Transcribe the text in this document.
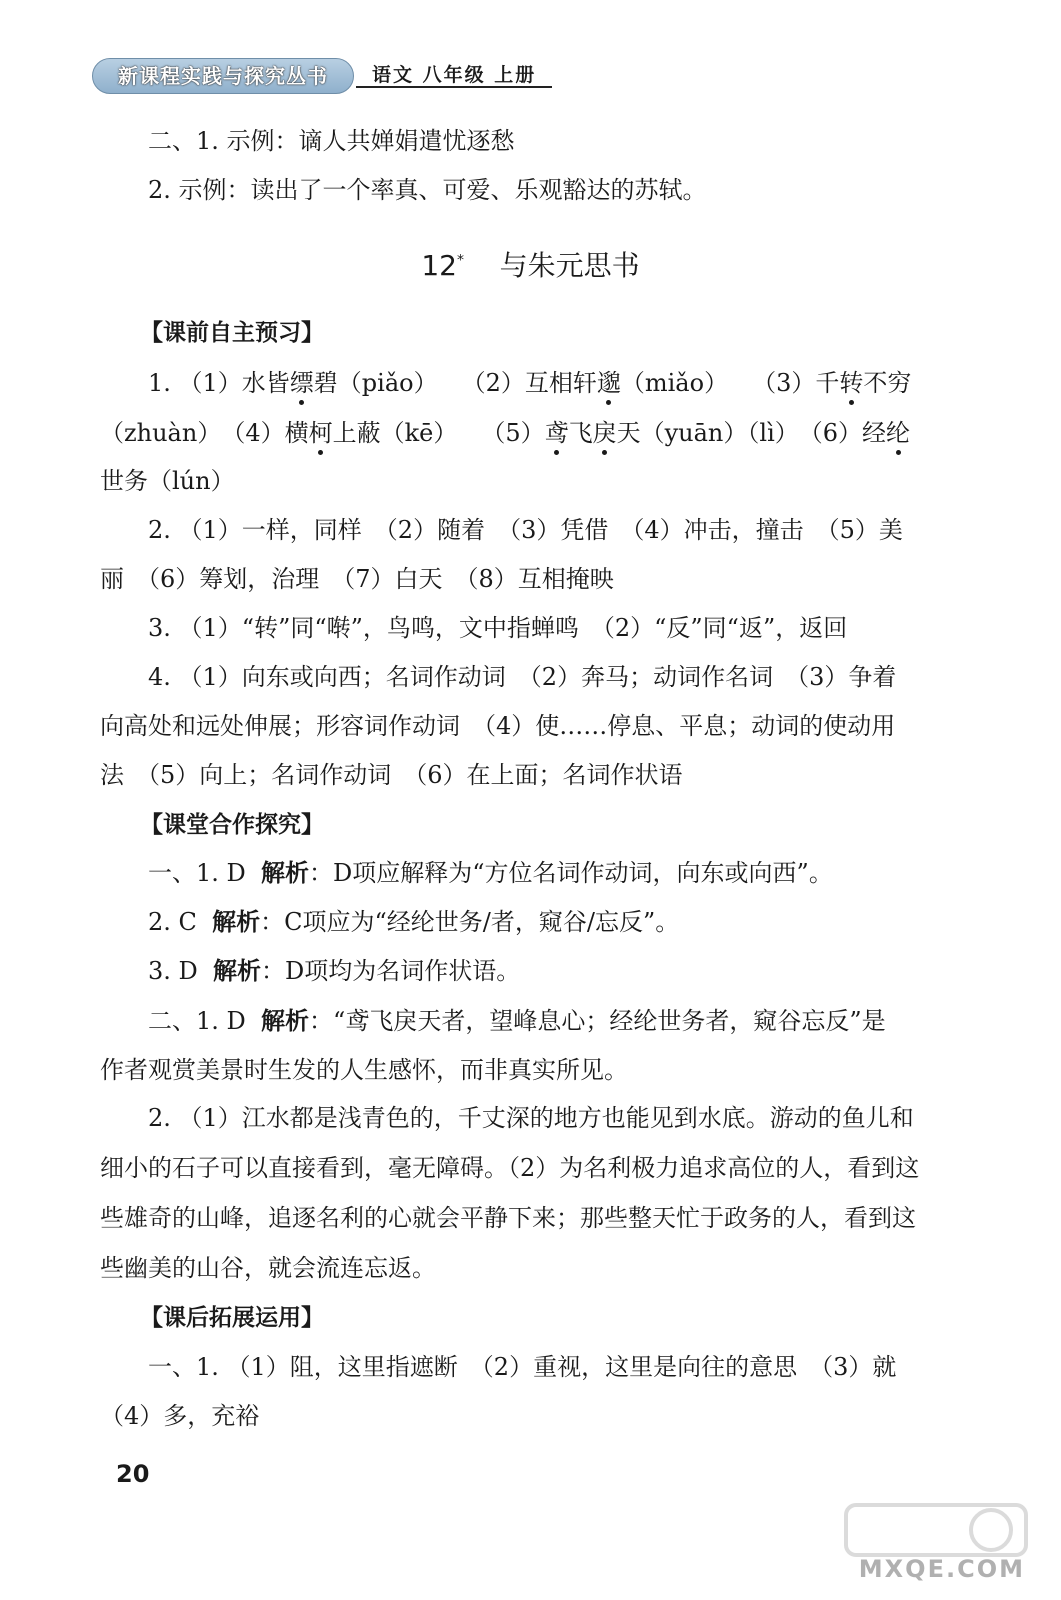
新课程实践与探究丛书	语文 八年级 上册
二、1. 示例：谪人共婵娟遣忧逐愁
2. 示例：读出了一个率真、可爱、乐观豁达的苏轼。
12* 与朱元思书
【课前自主预习】
1. （1）水皆缥碧（piǎo）　　（2）互相轩邈（miǎo）　　（3）千转不穷
（zhuàn）　（4）横柯上蔽（kē）　　（5）鸢飞戾天（yuān）（lì）　（6）经纶
世务（lún）
2. （1）一样，同样　（2）随着　（3）凭借　（4）冲击，撞击　（5）美
丽　（6）筹划，治理　（7）白天　（8）互相掩映
3. （1）“转”同“啭”，鸟鸣，文中指蝉鸣　（2）“反”同“返”，返回
4. （1）向东或向西；名词作动词　（2）奔马；动词作名词　（3）争着
向高处和远处伸展；形容词作动词　（4）使……停息、平息；动词的使动用
法　（5）向上；名词作动词　（6）在上面；名词作状语
【课堂合作探究】
一、1. D 解析：D项应解释为“方位名词作动词，向东或向西”。
2. C 解析：C项应为“经纶世务/者，窥谷/忘反”。
3. D 解析：D项均为名词作状语。
二、1. D 解析：“鸢飞戾天者，望峰息心；经纶世务者，窥谷忘反”是
作者观赏美景时生发的人生感怀，而非真实所见。
2. （1）江水都是浅青色的，千丈深的地方也能见到水底。游动的鱼儿和
细小的石子可以直接看到，毫无障碍。（2）为名利极力追求高位的人，看到这
些雄奇的山峰，追逐名利的心就会平静下来；那些整天忙于政务的人，看到这
些幽美的山谷，就会流连忘返。
【课后拓展运用】
一、1. （1）阻，这里指遮断　（2）重视，这里是向往的意思　（3）就
（4）多，充裕
20
MXQE.COM
